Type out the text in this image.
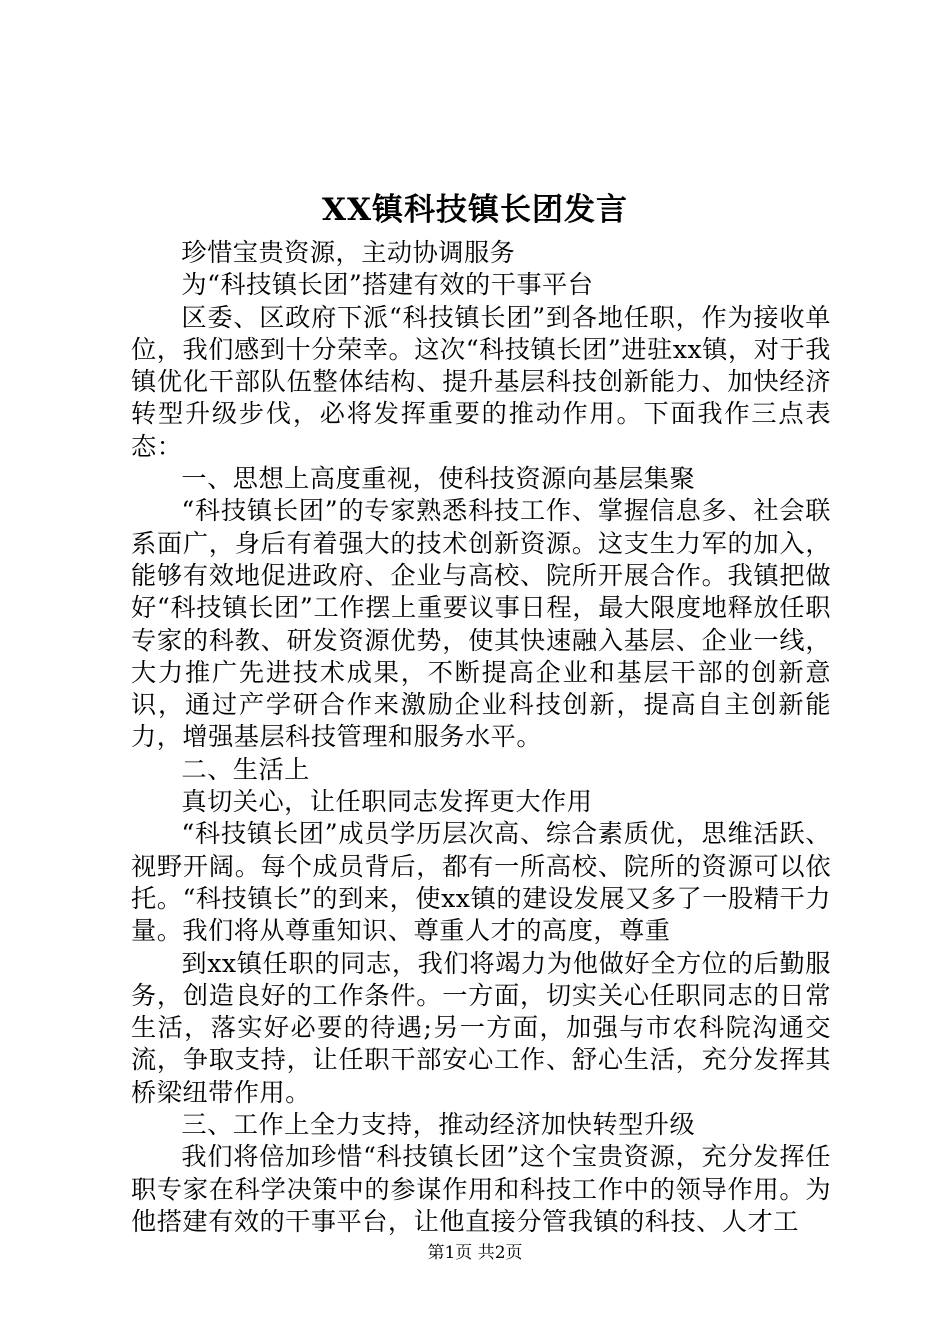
XX镇科技镇长团发言

珍惜宝贵资源，主动协调服务

为“科技镇长团”搭建有效的干事平台

区委、区政府下派“科技镇长团”到各地任职，作为接收单位，我们感到十分荣幸。这次“科技镇长团”进驻xx镇，对于我镇优化干部队伍整体结构、提升基层科技创新能力、加快经济转型升级步伐，必将发挥重要的推动作用。下面我作三点表态：

一、思想上高度重视，使科技资源向基层集聚

“科技镇长团”的专家熟悉科技工作、掌握信息多、社会联系面广，身后有着强大的技术创新资源。这支生力军的加入，能够有效地促进政府、企业与高校、院所开展合作。我镇把做好“科技镇长团”工作摆上重要议事日程，最大限度地释放任职专家的科教、研发资源优势，使其快速融入基层、企业一线，大力推广先进技术成果，不断提高企业和基层干部的创新意识，通过产学研合作来激励企业科技创新，提高自主创新能力，增强基层科技管理和服务水平。

二、生活上

真切关心，让任职同志发挥更大作用

“科技镇长团”成员学历层次高、综合素质优，思维活跃、视野开阔。每个成员背后，都有一所高校、院所的资源可以依托。“科技镇长”的到来，使xx镇的建设发展又多了一股精干力量。我们将从尊重知识、尊重人才的高度，尊重

到xx镇任职的同志，我们将竭力为他做好全方位的后勤服务，创造良好的工作条件。一方面，切实关心任职同志的日常生活，落实好必要的待遇;另一方面，加强与市农科院沟通交流，争取支持，让任职干部安心工作、舒心生活，充分发挥其桥梁纽带作用。

三、工作上全力支持，推动经济加快转型升级

我们将倍加珍惜“科技镇长团”这个宝贵资源，充分发挥任职专家在科学决策中的参谋作用和科技工作中的领导作用。为他搭建有效的干事平台，让他直接分管我镇的科技、人才工

第1页 共2页
